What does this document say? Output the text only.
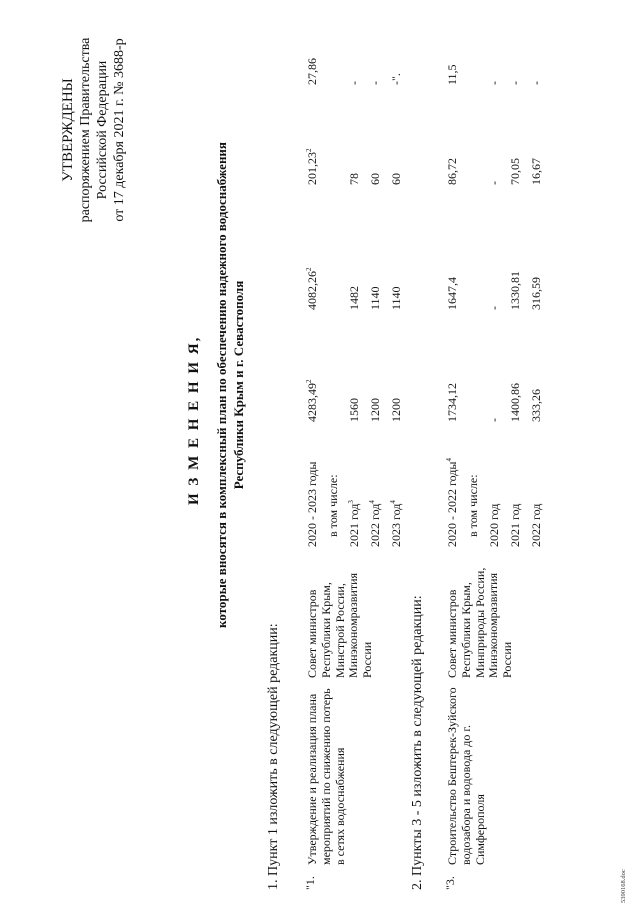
УТВЕРЖДЕНЫ распоряжением Правительства Российской Федерации от 17 декабря 2021 г. № 3688-р
И З М Е Н Е Н И Я, которые вносятся в комплексный план по обеспечению надежного водоснабжения Республики Крым и г. Севастополя
1. Пункт 1 изложить в следующей редакции: "1.
Утверждение и реализация плана мероприятий по снижению потерь в сетях водоснабжения
Совет министров Республики Крым, Минстрой России, Минэкономразвития России
2020 - 2023 годы
4283,49$^2$
4082,26$^2$
201,23$^2$
27,86
в том числе: 2021 год$^3$
1560
1482
78
-
2022 год$^4$
1200
1140
60
-
2023 год$^4$
1200
1140
60
-".
2. Пункты 3 - 5 изложить в следующей редакции: "3.
Строительство Бештерек-Зуйского водозабора и водовода до г. Симферополя
Совет министров Республики Крым, Минприроды России, Минэкономразвития России
2020 - 2022 годы$^4$
1734,12
1647,4
86,72
11,5
в том числе: 2020 год
-
-
-
-
2021 год
1400,86
1330,81
70,05
-
2022 год
333,26
316,59
16,67
-
5390168.doc
